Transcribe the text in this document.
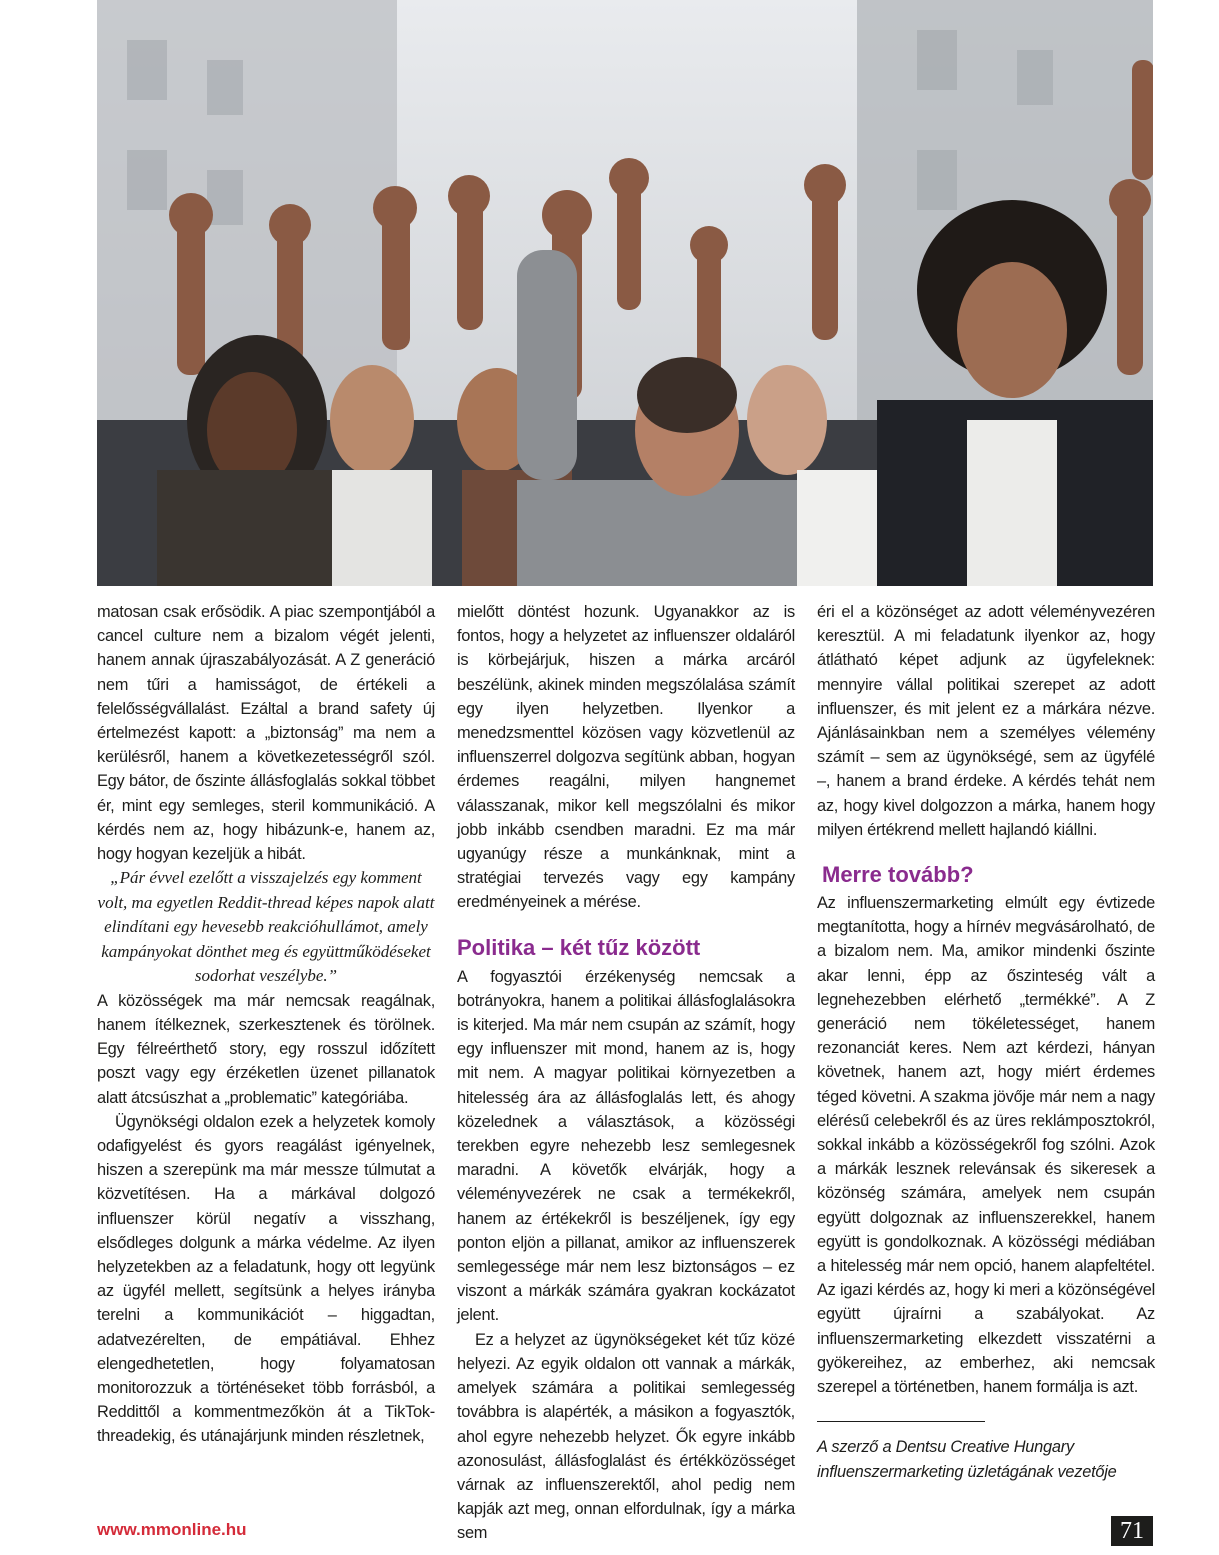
matosan csak erősödik. A piac szempontjából a cancel culture nem a bizalom végét jelenti, hanem annak újraszabályozását. A Z generáció nem tűri a hamisságot, de értékeli a felelősségvállalást. Ezáltal a brand safety új értelmezést kapott: a „biztonság” ma nem a kerülésről, hanem a következetességről szól. Egy bátor, de őszinte állásfoglalás sokkal többet ér, mint egy semleges, steril kommunikáció. A kérdés nem az, hogy hibázunk-e, hanem az, hogy hogyan kezeljük a hibát.

„Pár évvel ezelőtt a visszajelzés egy komment volt, ma egyetlen Reddit-thread képes napok alatt elindítani egy hevesebb reakcióhullámot, amely kampányokat dönthet meg és együttműködéseket sodorhat veszélybe.”

A közösségek ma már nemcsak reagálnak, hanem ítélkeznek, szerkesztenek és törölnek. Egy félreérthető story, egy rosszul időzített poszt vagy egy érzéketlen üzenet pillanatok alatt átcsúszhat a „problematic” kategóriába.

Ügynökségi oldalon ezek a helyzetek komoly odafigyelést és gyors reagálást igényelnek, hiszen a szerepünk ma már messze túlmutat a közvetítésen. Ha a márkával dolgozó influenszer körül negatív a visszhang, elsődleges dolgunk a márka védelme. Az ilyen helyzetekben az a feladatunk, hogy ott legyünk az ügyfél mellett, segítsünk a helyes irányba terelni a kommunikációt – higgadtan, adatvezérelten, de empátiával. Ehhez elengedhetetlen, hogy folyamatosan monitorozzuk a történéseket több forrásból, a Reddittől a kommentmezőkön át a TikTok-threadekig, és utánajárjunk minden részletnek,

mielőtt döntést hozunk. Ugyanakkor az is fontos, hogy a helyzetet az influenszer oldaláról is körbejárjuk, hiszen a márka arcáról beszélünk, akinek minden megszólalása számít egy ilyen helyzetben. Ilyenkor a menedzsmenttel közösen vagy közvetlenül az influenszerrel dolgozva segítünk abban, hogyan érdemes reagálni, milyen hangnemet válasszanak, mikor kell megszólalni és mikor jobb inkább csendben maradni. Ez ma már ugyanúgy része a munkánknak, mint a stratégiai tervezés vagy egy kampány eredményeinek a mérése.

Politika – két tűz között

A fogyasztói érzékenység nemcsak a botrányokra, hanem a politikai állásfoglalásokra is kiterjed. Ma már nem csupán az számít, hogy egy influenszer mit mond, hanem az is, hogy mit nem. A magyar politikai környezetben a hitelesség ára az állásfoglalás lett, és ahogy közelednek a választások, a közösségi terekben egyre nehezebb lesz semlegesnek maradni. A követők elvárják, hogy a véleményvezérek ne csak a termékekről, hanem az értékekről is beszéljenek, így egy ponton eljön a pillanat, amikor az influenszerek semlegessége már nem lesz biztonságos – ez viszont a márkák számára gyakran kockázatot jelent.

Ez a helyzet az ügynökségeket két tűz közé helyezi. Az egyik oldalon ott vannak a márkák, amelyek számára a politikai semlegesség továbbra is alapérték, a másikon a fogyasztók, ahol egyre nehezebb helyzet. Ők egyre inkább azonosulást, állásfoglalást és értékközösséget várnak az influenszerektől, ahol pedig nem kapják azt meg, onnan elfordulnak, így a márka sem

éri el a közönséget az adott véleményvezéren keresztül. A mi feladatunk ilyenkor az, hogy átlátható képet adjunk az ügyfeleknek: mennyire vállal politikai szerepet az adott influenszer, és mit jelent ez a márkára nézve. Ajánlásainkban nem a személyes vélemény számít – sem az ügynökségé, sem az ügyfélé –, hanem a brand érdeke. A kérdés tehát nem az, hogy kivel dolgozzon a márka, hanem hogy milyen értékrend mellett hajlandó kiállni.

Merre tovább?

Az influenszermarketing elmúlt egy évtizede megtanította, hogy a hírnév megvásárolható, de a bizalom nem. Ma, amikor mindenki őszinte akar lenni, épp az őszinteség vált a legnehezebben elérhető „termékké”. A Z generáció nem tökéletességet, hanem rezonanciát keres. Nem azt kérdezi, hányan követnek, hanem azt, hogy miért érdemes téged követni. A szakma jövője már nem a nagy elérésű celebekről és az üres reklámposztokról, sokkal inkább a közösségekről fog szólni. Azok a márkák lesznek relevánsak és sikeresek a közönség számára, amelyek nem csupán együtt dolgoznak az influenszerekkel, hanem együtt is gondolkoznak. A közösségi médiában a hitelesség már nem opció, hanem alapfeltétel. Az igazi kérdés az, hogy ki meri a közönségével együtt újraírni a szabályokat. Az influenszermarketing elkezdett visszatérni a gyökereihez, az emberhez, aki nemcsak szerepel a történetben, hanem formálja is azt.

A szerző a Dentsu Creative Hungary influenszermarketing üzletágának vezetője

www.mmonline.hu	71
